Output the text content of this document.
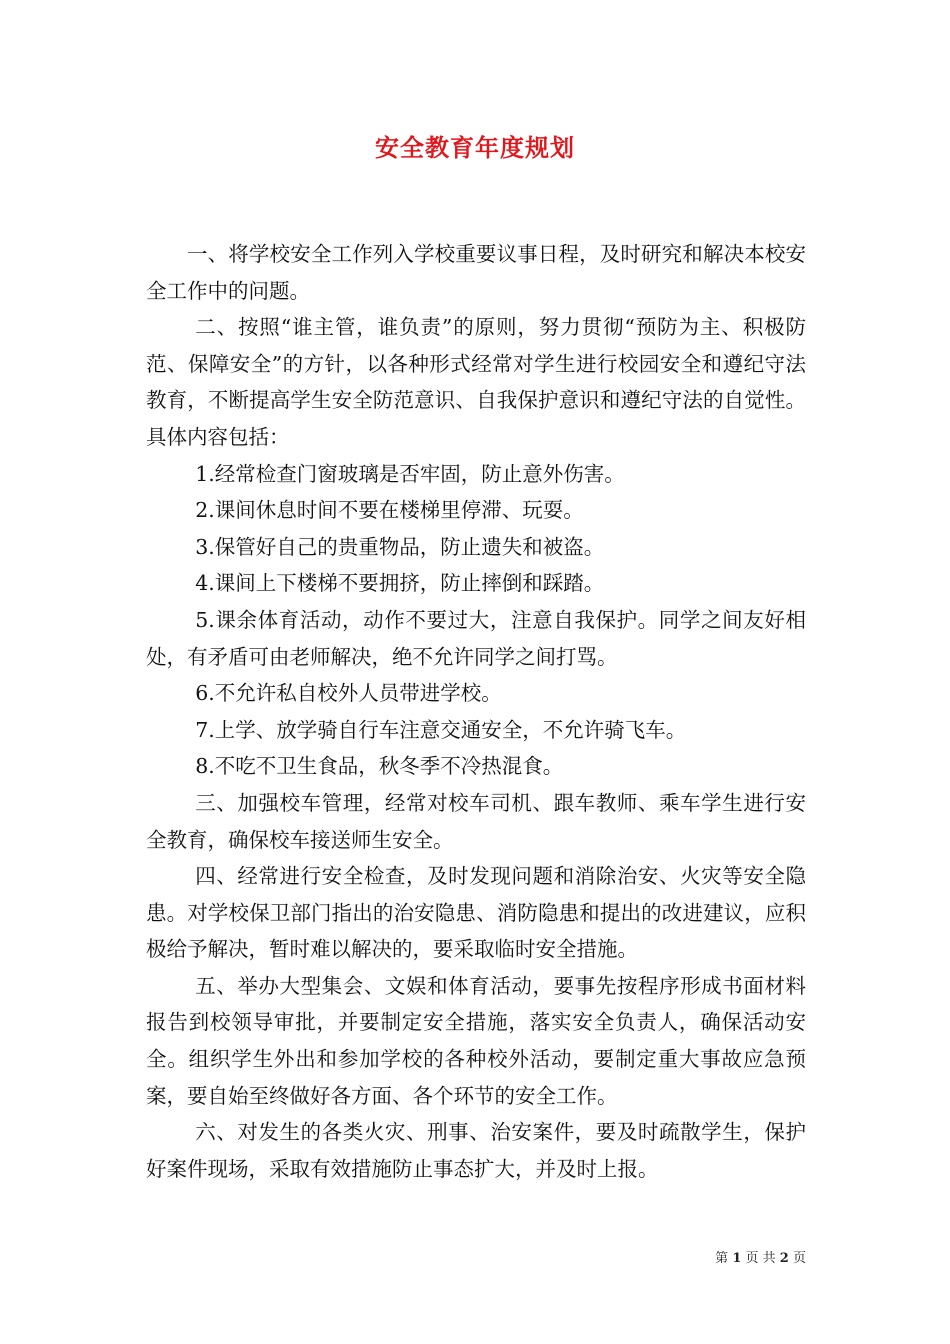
安全教育年度规划

一、将学校安全工作列入学校重要议事日程，及时研究和解决本校安全工作中的问题。

二、按照“谁主管，谁负责”的原则，努力贯彻“预防为主、积极防范、保障安全”的方针，以各种形式经常对学生进行校园安全和遵纪守法教育，不断提高学生安全防范意识、自我保护意识和遵纪守法的自觉性。具体内容包括：

1.经常检查门窗玻璃是否牢固，防止意外伤害。

2.课间休息时间不要在楼梯里停滞、玩耍。

3.保管好自己的贵重物品，防止遗失和被盗。

4.课间上下楼梯不要拥挤，防止摔倒和踩踏。

5.课余体育活动，动作不要过大，注意自我保护。同学之间友好相处，有矛盾可由老师解决，绝不允许同学之间打骂。

6.不允许私自校外人员带进学校。

7.上学、放学骑自行车注意交通安全，不允许骑飞车。

8.不吃不卫生食品，秋冬季不冷热混食。

三、加强校车管理，经常对校车司机、跟车教师、乘车学生进行安全教育，确保校车接送师生安全。

四、经常进行安全检查，及时发现问题和消除治安、火灾等安全隐患。对学校保卫部门指出的治安隐患、消防隐患和提出的改进建议，应积极给予解决，暂时难以解决的，要采取临时安全措施。

五、举办大型集会、文娱和体育活动，要事先按程序形成书面材料报告到校领导审批，并要制定安全措施，落实安全负责人，确保活动安全。组织学生外出和参加学校的各种校外活动，要制定重大事故应急预案，要自始至终做好各方面、各个环节的安全工作。

六、对发生的各类火灾、刑事、治安案件，要及时疏散学生，保护好案件现场，采取有效措施防止事态扩大，并及时上报。

第 1 页 共 2 页
